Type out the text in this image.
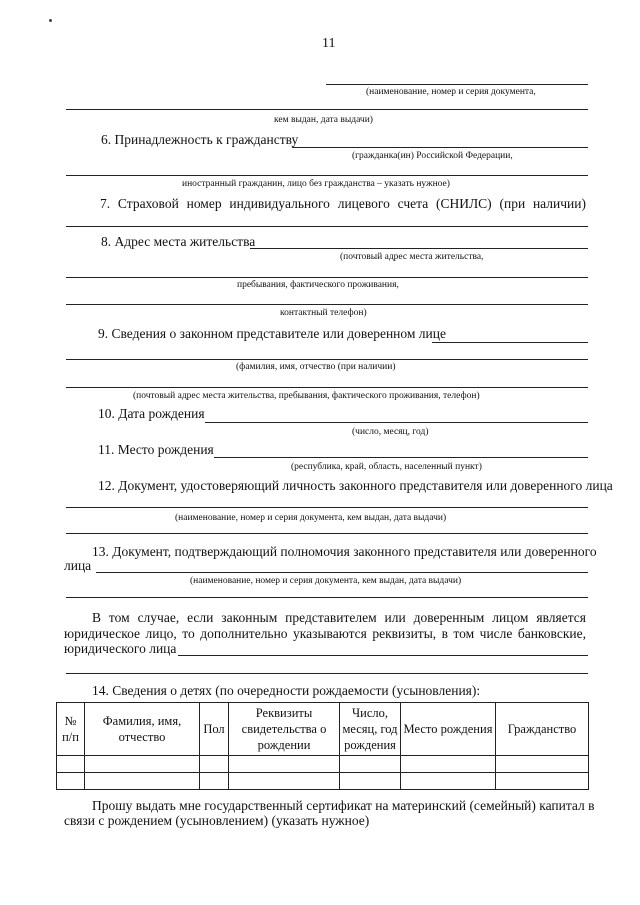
11
(наименование, номер и серия документа,
кем выдан, дата выдачи)
6. Принадлежность к гражданству
(гражданка(ин) Российской Федерации,
иностранный гражданин, лицо без гражданства – указать нужное)
7. Страховой номер индивидуального лицевого счета (СНИЛС) (при наличии)
8. Адрес места жительства
(почтовый адрес места жительства,
пребывания, фактического проживания,
контактный телефон)
9. Сведения о законном представителе или доверенном лице
(фамилия, имя, отчество (при наличии)
(почтовый адрес места жительства, пребывания, фактического проживания, телефон)
10. Дата рождения
(число, месяц, год)
11. Место рождения
(республика, край, область, населенный пункт)
12. Документ, удостоверяющий личность законного представителя или доверенного лица
(наименование, номер и серия документа, кем выдан, дата выдачи)
13. Документ, подтверждающий полномочия законного представителя или доверенного
лица
(наименование, номер и серия документа, кем выдан, дата выдачи)
В том случае, если законным представителем или доверенным лицом является
юридическое лицо, то дополнительно указываются реквизиты, в том числе банковские,
юридического лица
14. Сведения о детях (по очередности рождаемости (усыновления):
№ п/п	Фамилия, имя, отчество	Пол	Реквизиты свидетельства о рождении	Число, месяц, год рождения	Место рождения	Гражданство

Прошу выдать мне государственный сертификат на материнский (семейный) капитал в
связи с рождением (усыновлением) (указать нужное)
